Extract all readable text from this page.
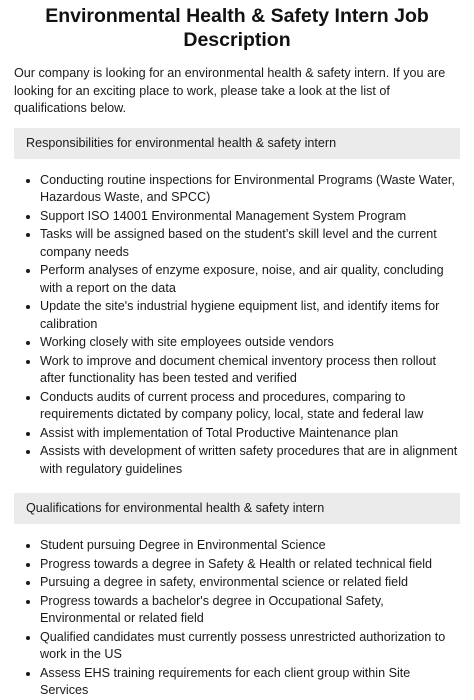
Environmental Health & Safety Intern Job Description

Our company is looking for an environmental health & safety intern. If you are looking for an exciting place to work, please take a look at the list of qualifications below.

Responsibilities for environmental health & safety intern
Conducting routine inspections for Environmental Programs (Waste Water, Hazardous Waste, and SPCC)
Support ISO 14001 Environmental Management System Program
Tasks will be assigned based on the student’s skill level and the current company needs
Perform analyses of enzyme exposure, noise, and air quality, concluding with a report on the data
Update the site's industrial hygiene equipment list, and identify items for calibration
Working closely with site employees outside vendors
Work to improve and document chemical inventory process then rollout after functionality has been tested and verified
Conducts audits of current process and procedures, comparing to requirements dictated by company policy, local, state and federal law
Assist with implementation of Total Productive Maintenance plan
Assists with development of written safety procedures that are in alignment with regulatory guidelines
Qualifications for environmental health & safety intern
Student pursuing Degree in Environmental Science
Progress towards a degree in Safety & Health or related technical field
Pursuing a degree in safety, environmental science or related field
Progress towards a bachelor's degree in Occupational Safety, Environmental or related field
Qualified candidates must currently possess unrestricted authorization to work in the US
Assess EHS training requirements for each client group within Site Services
